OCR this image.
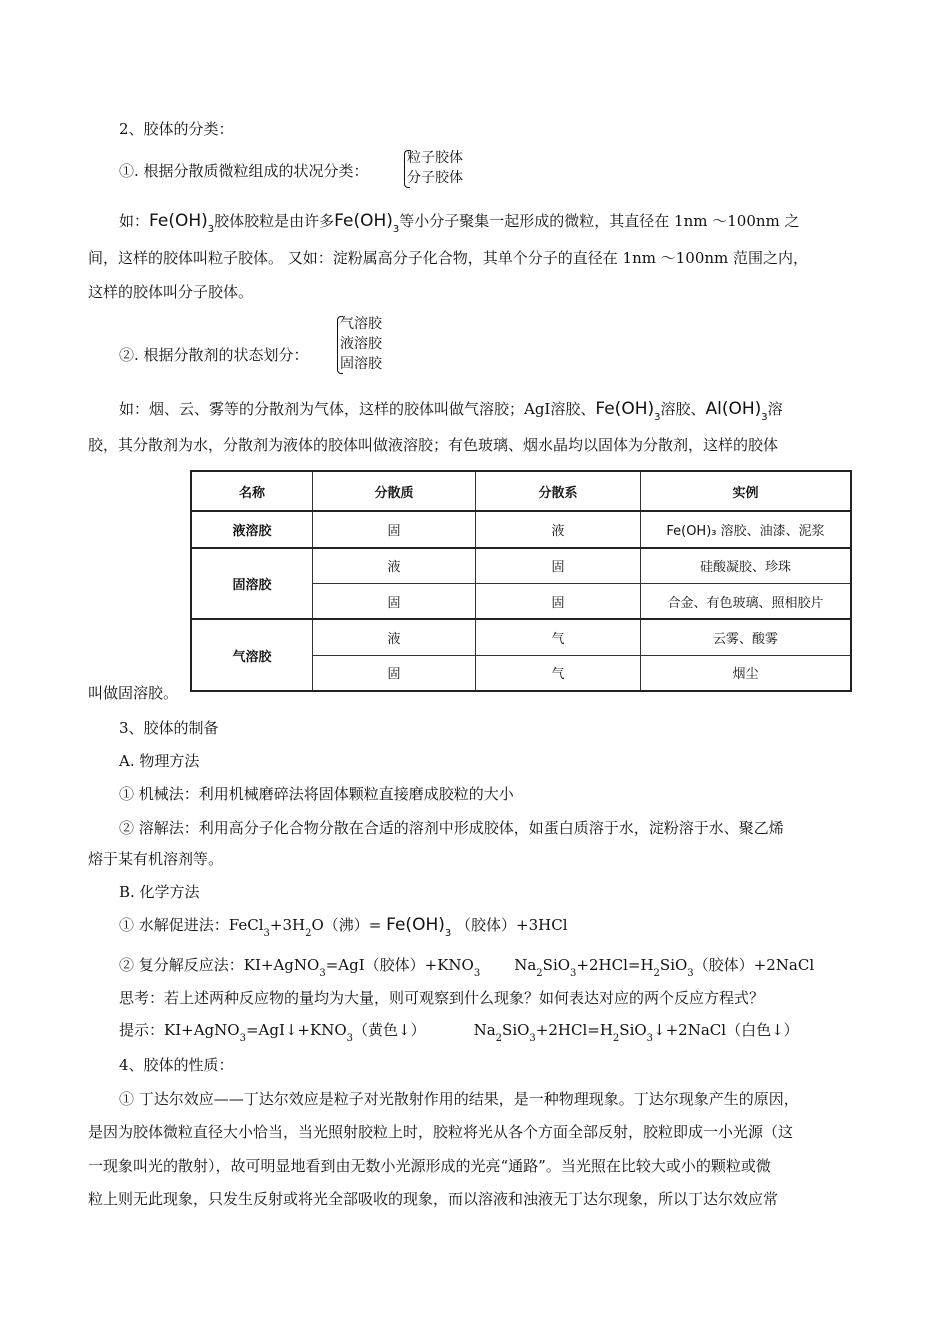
2、胶体的分类：
①. 根据分散质微粒组成的状况分类：
粒子胶体
分子胶体
如：$Fe(OH)_3$胶体胶粒是由许多$Fe(OH)_3$等小分子聚集一起形成的微粒，其直径在 1nm ～100nm 之
间，这样的胶体叫粒子胶体。 又如：淀粉属高分子化合物，其单个分子的直径在 1nm ～100nm 范围之内，
这样的胶体叫分子胶体。
②. 根据分散剂的状态划分：
气溶胶
液溶胶
固溶胶
如：烟、云、雾等的分散剂为气体，这样的胶体叫做气溶胶；AgI溶胶、$Fe(OH)_3$溶胶、$Al(OH)_3$溶
胶，其分散剂为水，分散剂为液体的胶体叫做液溶胶；有色玻璃、烟水晶均以固体为分散剂，这样的胶体
名称	分散质	分散系	实例
液溶胶	固	液	Fe(OH)₃ 溶胶、油漆、泥浆
固溶胶	液	固	硅酸凝胶、珍珠
	固	固	合金、有色玻璃、照相胶片
气溶胶	液	气	云雾、酸雾
	固	气	烟尘
叫做固溶胶。
3、胶体的制备
A. 物理方法
① 机械法：利用机械磨碎法将固体颗粒直接磨成胶粒的大小
② 溶解法：利用高分子化合物分散在合适的溶剂中形成胶体，如蛋白质溶于水，淀粉溶于水、聚乙烯
熔于某有机溶剂等。
B. 化学方法
① 水解促进法：$FeCl_3+3H_2O$（沸）= $Fe(OH)_3$ （胶体）+3HCl
② 复分解反应法：KI+AgNO$_3$=AgI（胶体）$+KNO_3$ $Na_2SiO_3+2HCl=H_2SiO_3$（胶体）+2NaCl
思考：若上述两种反应物的量均为大量，则可观察到什么现象？如何表达对应的两个反应方程式？
提示：$KI+AgNO_3=AgI↓+KNO_3$（黄色↓）	$Na_2SiO_3+2HCl=H_2SiO_3↓+2NaCl$（白色↓）
4、胶体的性质：
① 丁达尔效应——丁达尔效应是粒子对光散射作用的结果，是一种物理现象。丁达尔现象产生的原因，
是因为胶体微粒直径大小恰当，当光照射胶粒上时，胶粒将光从各个方面全部反射，胶粒即成一小光源（这
一现象叫光的散射），故可明显地看到由无数小光源形成的光亮“通路”。当光照在比较大或小的颗粒或微
粒上则无此现象，只发生反射或将光全部吸收的现象，而以溶液和浊液无丁达尔现象，所以丁达尔效应常
